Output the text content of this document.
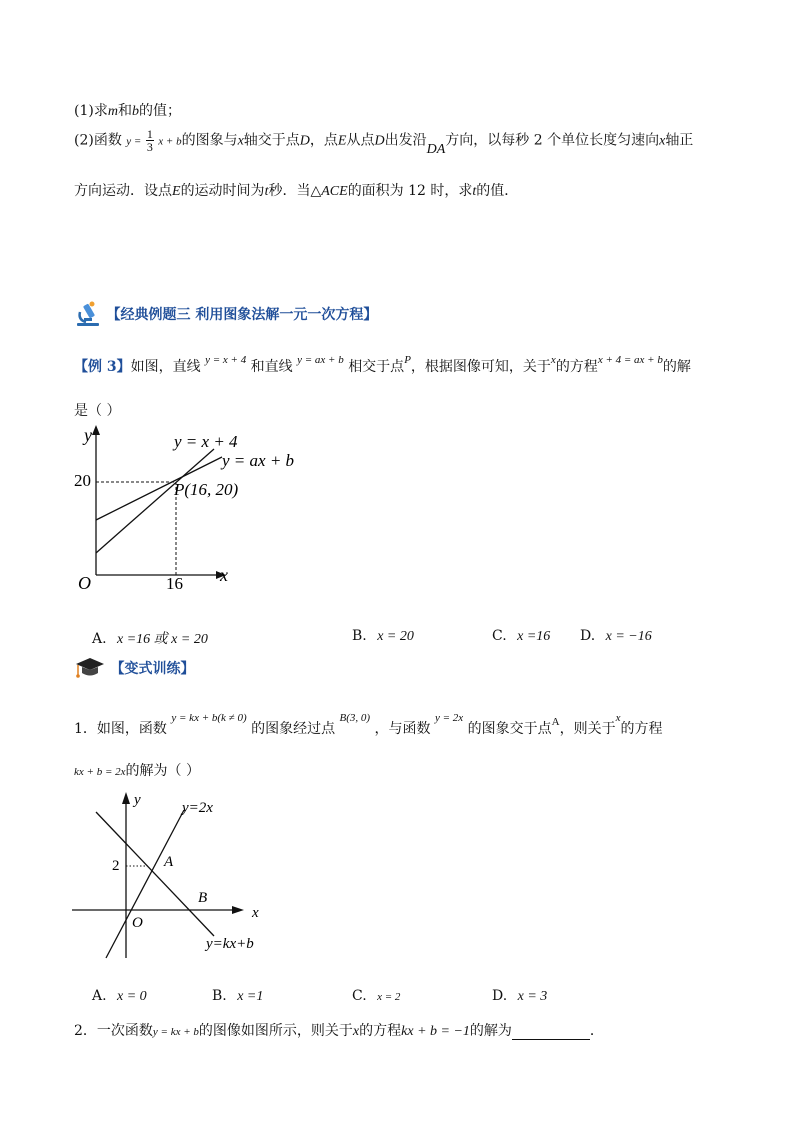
(1)求m和b的值；
(2)函数 $y = \frac{1}{3}$ x + b的图象与x轴交于点D，点E从点D出发沿DA方向，以每秒 2 个单位长度匀速向x轴正
方向运动．设点E的运动时间为t秒．当△ACE的面积为 12 时，求t的值．
【经典例题三 利用图象法解一元一次方程】
【例 3】如图，直线 $^{y = x + 4}$ 和直线 $^{y = ax + b}$ 相交于点$^P$，根据图像可知，关于$^x$的方程$^{x + 4 = ax + b}$的解
是（ ）
y
x
O
20
16
y = x + 4
y = ax + b
P(16, 20)
A. x =16 或 x = 20	B. x = 20	C. x =16 D. x = −16
【变式训练】
1．如图，函数 $^{y = kx + b(k \ne 0)}$ 的图象经过点 $^{B(3, 0)}$ ，与函数 $^{y = 2x}$ 的图象交于点$^A$，则关于$^x$的方程
kx + b = 2x的解为（ ）
y
x
O
2
y=2x
y=kx+b
A
B
A. x = 0	B. x =1	C. x = 2	D. x = 3
2．一次函数y = kx + b的图像如图所示，则关于x的方程kx + b = −1的解为	．
